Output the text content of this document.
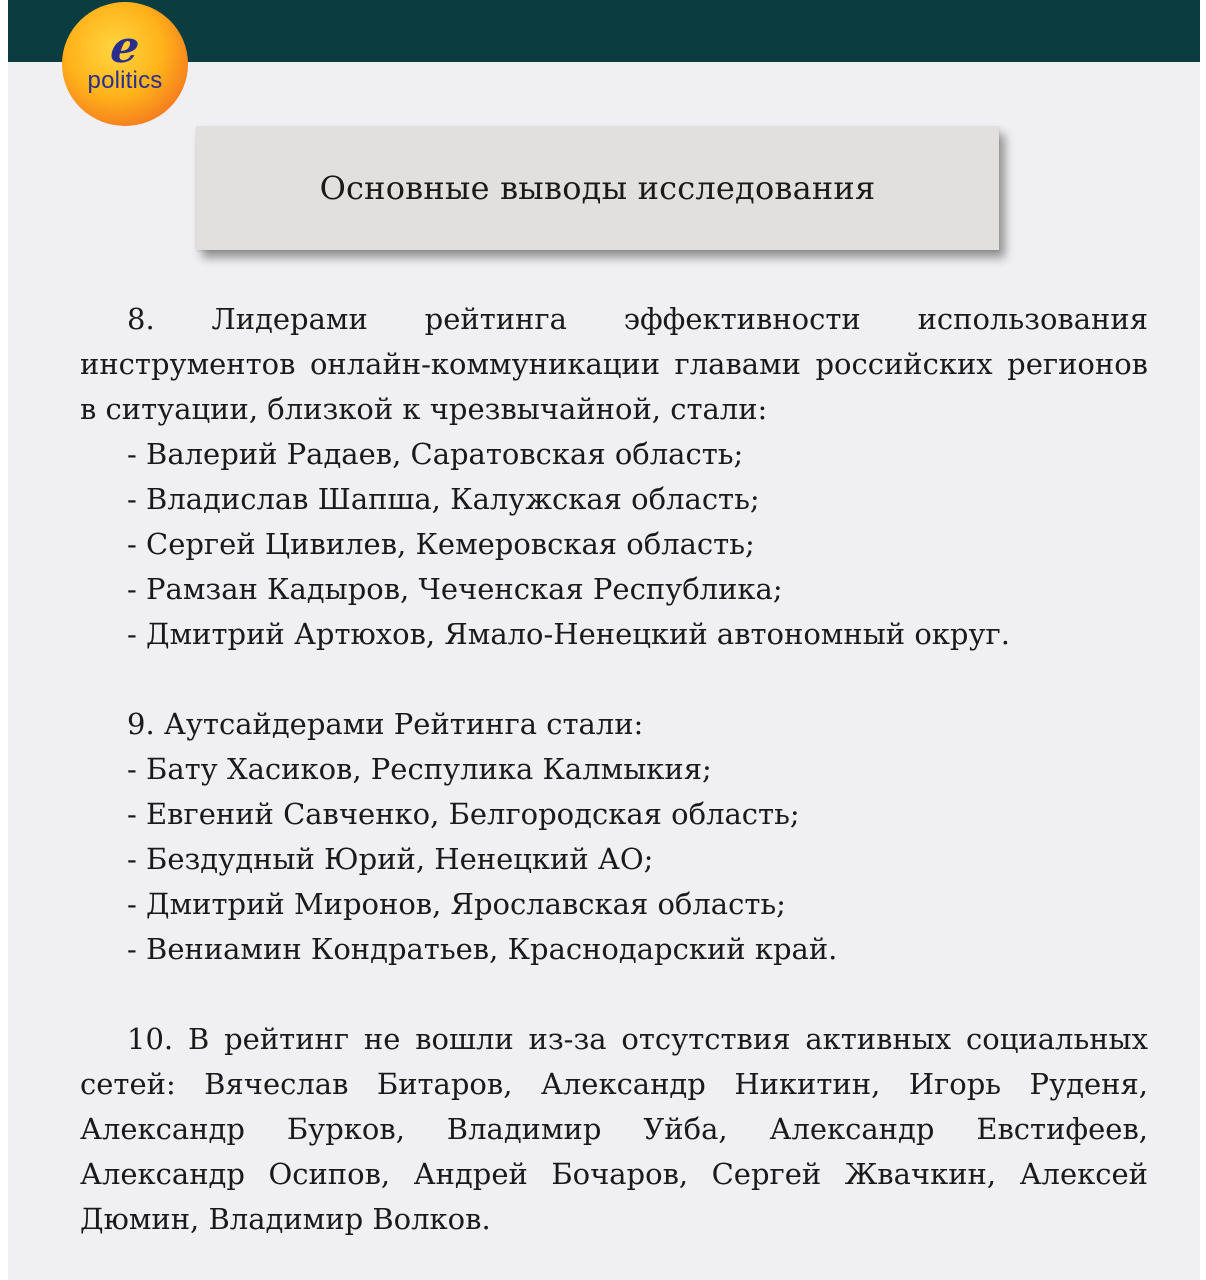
e
politics
Основные выводы исследования

8. Лидерами рейтинга эффективности использования инструментов онлайн-коммуникации главами российских регионов в ситуации, близкой к чрезвычайной, стали:

- Валерий Радаев, Саратовская область;

- Владислав Шапша, Калужская область;

- Сергей Цивилев, Кемеровская область;

- Рамзан Кадыров, Чеченская Республика;

- Дмитрий Артюхов, Ямало-Ненецкий автономный округ.

9. Аутсайдерами Рейтинга стали:

- Бату Хасиков, Респулика Калмыкия;

- Евгений Савченко, Белгородская область;

- Бездудный Юрий, Ненецкий АО;

- Дмитрий Миронов, Ярославская область;

- Вениамин Кондратьев, Краснодарский край.

10. В рейтинг не вошли из-за отсутствия активных социальных сетей: Вячеслав Битаров, Александр Никитин, Игорь Руденя, Александр Бурков, Владимир Уйба, Александр Евстифеев, Александр Осипов, Андрей Бочаров, Сергей Жвачкин, Алексей Дюмин, Владимир Волков.
